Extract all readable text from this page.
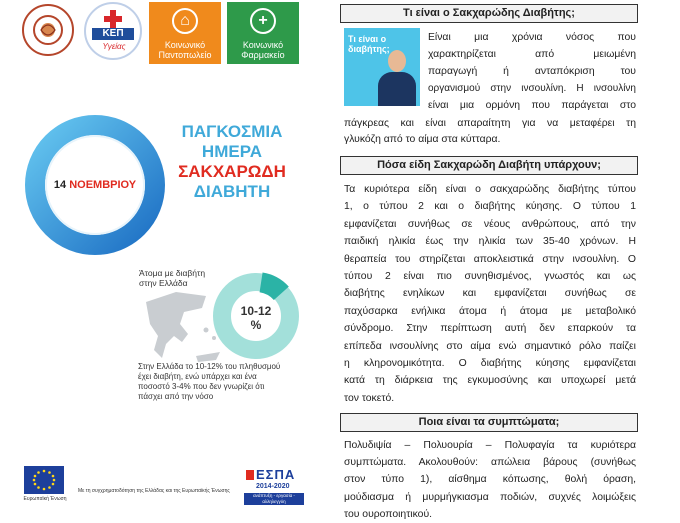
ΚΕΠ
Υγείας
⌂
Κοινωνικό Παντοπωλείο
+
Κοινωνικό Φαρμακείο
14 ΝΟΕΜΒΡΙΟΥ
ΠΑΓΚΟΣΜΙΑ
ΗΜΕΡΑ
ΣΑΚΧΑΡΩΔΗ
ΔΙΑΒΗΤΗ
Άτομα με διαβήτη στην Ελλάδα
10-12 %
Στην Ελλάδα το 10-12% του πληθυσμού έχει διαβήτη, ενώ υπάρχει και ένα ποσοστό 3-4% που δεν γνωρίζει ότι πάσχει από την νόσο
Ευρωπαϊκή Ένωση
Με τη συγχρηματοδότηση της Ελλάδας και της Ευρωπαϊκής Ένωσης
ΕΣΠΑ
2014-2020
ανάπτυξη - εργασία - αλληλεγγύη
Τι είναι ο Σακχαρώδης Διαβήτης;
Τι είναι ο διαβήτης;
Είναι μια χρόνια νόσος που
χαρακτηρίζεται από μειωμένη
παραγωγή ή ανταπόκριση του
οργανισμού στην ινσουλίνη. Η ινσουλίνη
είναι μια ορμόνη που παράγεται στο
πάγκρεας και είναι απαραίτητη για να μεταφέρει τη
γλυκόζη από το αίμα στα κύτταρα.
Πόσα είδη Σακχαρώδη Διαβήτη υπάρχουν;
Τα κυριότερα είδη είναι ο σακχαρώδης διαβήτης τύπου
1, ο τύπου 2 και ο διαβήτης κύησης. Ο τύπου 1
εμφανίζεται συνήθως σε νέους ανθρώπους, από την
παιδική ηλικία έως την ηλικία των 35-40 χρόνων. Η
θεραπεία του στηρίζεται αποκλειστικά στην ινσουλίνη. Ο
τύπου 2 είναι πιο συνηθισμένος, γνωστός και ως
διαβήτης ενηλίκων και εμφανίζεται συνήθως σε
παχύσαρκα ενήλικα άτομα ή άτομα με μεταβολικό
σύνδρομο. Στην περίπτωση αυτή δεν επαρκούν τα
επίπεδα ινσουλίνης στο αίμα ενώ σημαντικό ρόλο παίζει
η κληρονομικότητα. Ο διαβήτης κύησης εμφανίζεται
κατά τη διάρκεια της εγκυμοσύνης και υποχωρεί μετά
τον τοκετό.
Ποια είναι τα συμπτώματα;
Πολυδιψία – Πολυουρία – Πολυφαγία τα κυριότερα
συμπτώματα. Ακολουθούν: απώλεια βάρους (συνήθως
στον τύπο 1), αίσθημα κόπωσης, θολή όραση,
μούδιασμα ή μυρμήγκιασμα ποδιών, συχνές λοιμώξεις
του ουροποιητικού.
